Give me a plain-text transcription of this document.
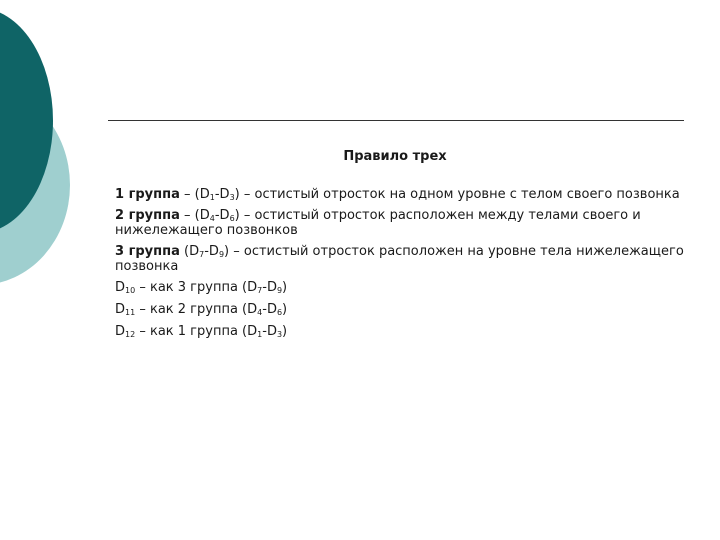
Правило трех

1 группа – $(D_1-D_3)$ – остистый отросток на одном уровне с телом своего позвонка

2 группа – $(D_4-D_6)$ – остистый отросток расположен между телами своего и нижележащего позвонков

3 группа $(D_7-D_9)$ – остистый отросток расположен на уровне тела нижележащего позвонка

$D_{10}$ – как 3 группа $(D_7-D_9)$

$D_{11}$ – как 2 группа $(D_4-D_6)$

$D_{12}$ – как 1 группа $(D_1-D_3)$
